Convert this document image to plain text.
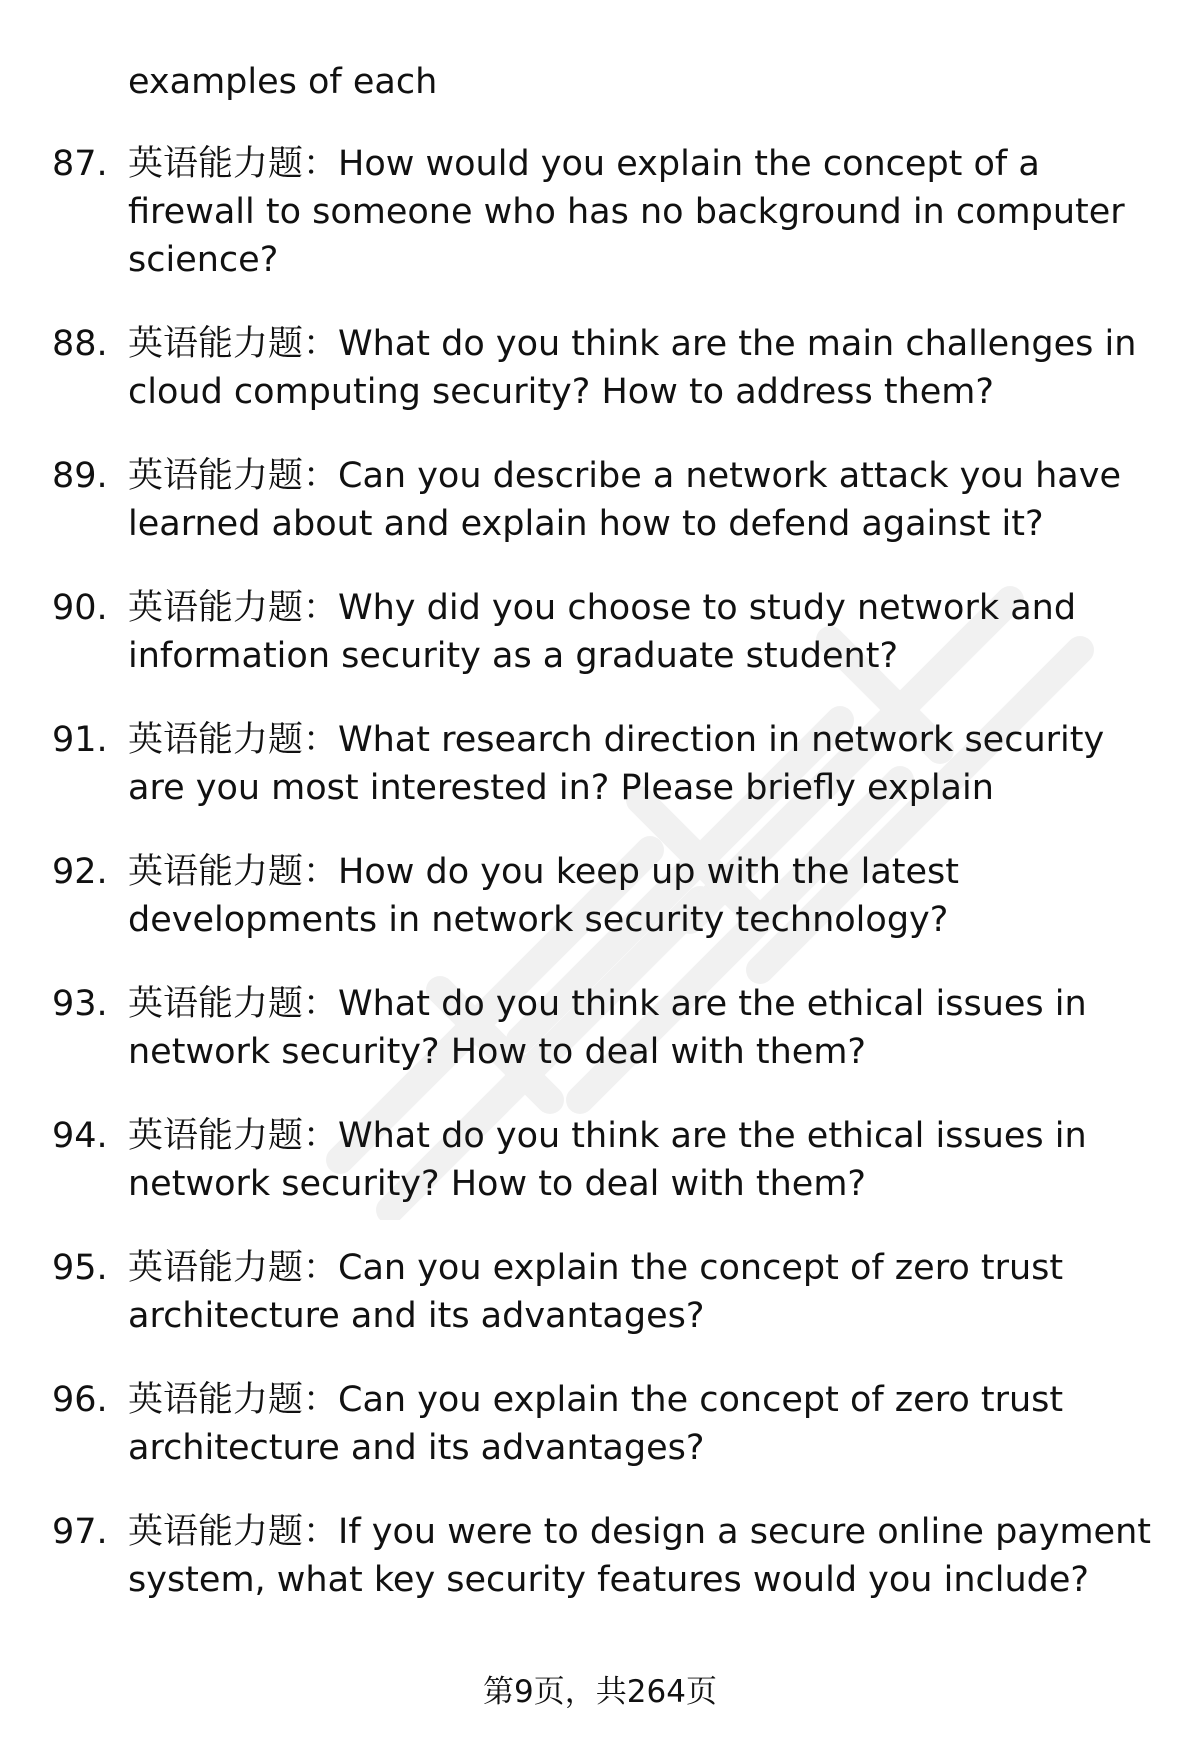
examples of each

87. 英语能力题：How would you explain the concept of a firewall to someone who has no background in computer science?
88. 英语能力题：What do you think are the main challenges in cloud computing security? How to address them?
89. 英语能力题：Can you describe a network attack you have learned about and explain how to defend against it?
90. 英语能力题：Why did you choose to study network and information security as a graduate student?
91. 英语能力题：What research direction in network security are you most interested in? Please briefly explain
92. 英语能力题：How do you keep up with the latest developments in network security technology?
93. 英语能力题：What do you think are the ethical issues in network security? How to deal with them?
94. 英语能力题：What do you think are the ethical issues in network security? How to deal with them?
95. 英语能力题：Can you explain the concept of zero trust architecture and its advantages?
96. 英语能力题：Can you explain the concept of zero trust architecture and its advantages?
97. 英语能力题：If you were to design a secure online payment system, what key security features would you include?
第9页，共264页
